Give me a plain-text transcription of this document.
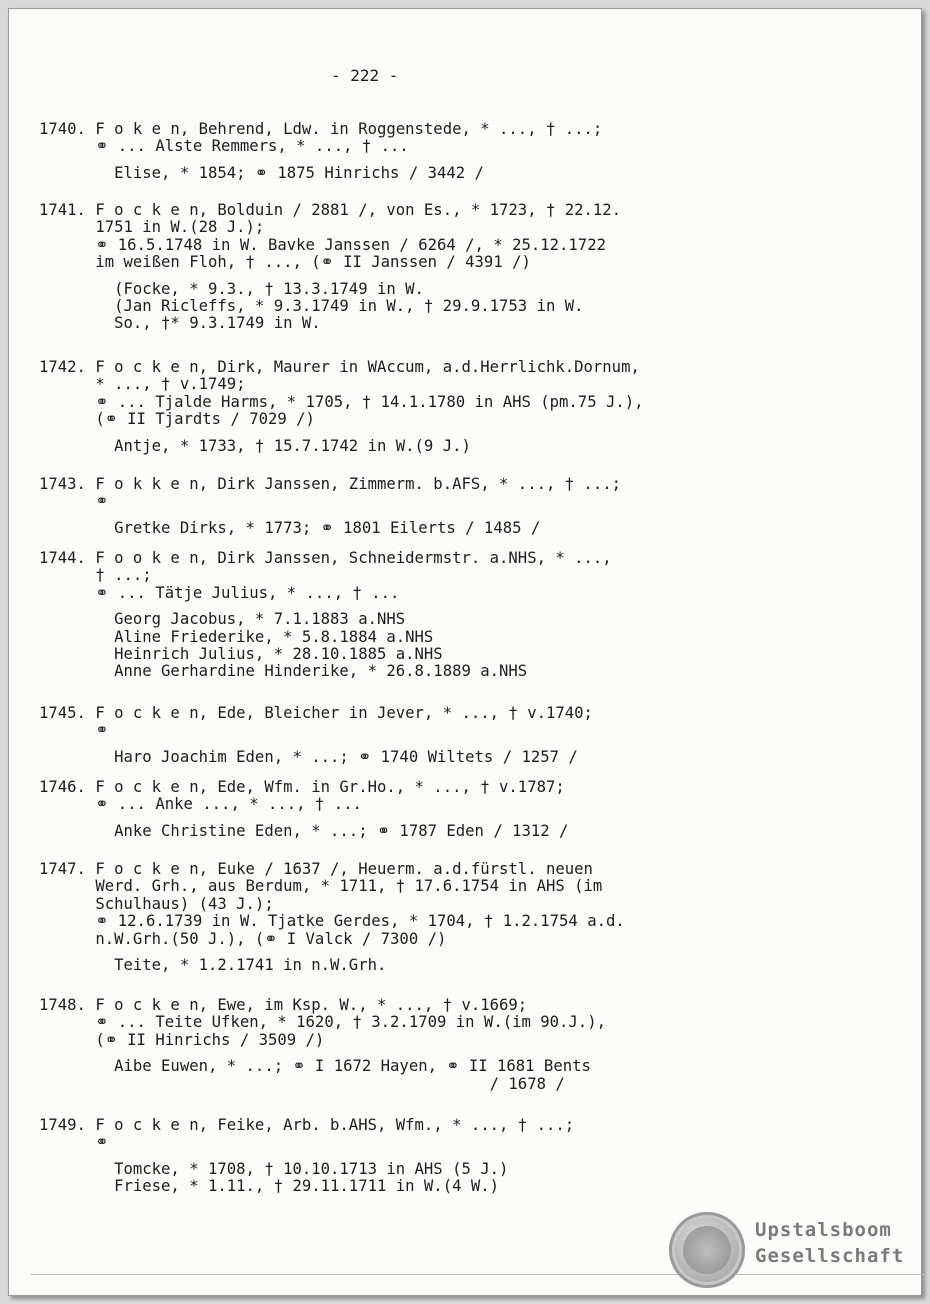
- 222 -
1740. F o k e n, Behrend, Ldw. in Roggenstede, * ..., † ...;
⚭ ... Alste Remmers, * ..., † ...
Elise, * 1854; ⚭ 1875 Hinrichs / 3442 /
1741. F o c k e n, Bolduin / 2881 /, von Es., * 1723, † 22.12.
1751 in W.(28 J.);
⚭ 16.5.1748 in W. Bavke Janssen / 6264 /, * 25.12.1722
im weißen Floh, † ..., (⚭ II Janssen / 4391 /)
(Focke, * 9.3., † 13.3.1749 in W.
(Jan Ricleffs, * 9.3.1749 in W., † 29.9.1753 in W.
So., †* 9.3.1749 in W.
1742. F o c k e n, Dirk, Maurer in WAccum, a.d.Herrlichk.Dornum,
* ..., † v.1749;
⚭ ... Tjalde Harms, * 1705, † 14.1.1780 in AHS (pm.75 J.),
(⚭ II Tjardts / 7029 /)
Antje, * 1733, † 15.7.1742 in W.(9 J.)
1743. F o k k e n, Dirk Janssen, Zimmerm. b.AFS, * ..., † ...;
⚭
Gretke Dirks, * 1773; ⚭ 1801 Eilerts / 1485 /
1744. F o o k e n, Dirk Janssen, Schneidermstr. a.NHS, * ...,
† ...;
⚭ ... Tätje Julius, * ..., † ...
Georg Jacobus, * 7.1.1883 a.NHS
Aline Friederike, * 5.8.1884 a.NHS
Heinrich Julius, * 28.10.1885 a.NHS
Anne Gerhardine Hinderike, * 26.8.1889 a.NHS
1745. F o c k e n, Ede, Bleicher in Jever, * ..., † v.1740;
⚭
Haro Joachim Eden, * ...; ⚭ 1740 Wiltets / 1257 /
1746. F o c k e n, Ede, Wfm. in Gr.Ho., * ..., † v.1787;
⚭ ... Anke ..., * ..., † ...
Anke Christine Eden, * ...; ⚭ 1787 Eden / 1312 /
1747. F o c k e n, Euke / 1637 /, Heuerm. a.d.fürstl. neuen
Werd. Grh., aus Berdum, * 1711, † 17.6.1754 in AHS (im
Schulhaus) (43 J.);
⚭ 12.6.1739 in W. Tjatke Gerdes, * 1704, † 1.2.1754 a.d.
n.W.Grh.(50 J.), (⚭ I Valck / 7300 /)
Teite, * 1.2.1741 in n.W.Grh.
1748. F o c k e n, Ewe, im Ksp. W., * ..., † v.1669;
⚭ ... Teite Ufken, * 1620, † 3.2.1709 in W.(im 90.J.),
(⚭ II Hinrichs / 3509 /)
Aibe Euwen, * ...; ⚭ I 1672 Hayen, ⚭ II 1681 Bents
/ 1678 /
1749. F o c k e n, Feike, Arb. b.AHS, Wfm., * ..., † ...;
⚭
Tomcke, * 1708, † 10.10.1713 in AHS (5 J.)
Friese, * 1.11., † 29.11.1711 in W.(4 W.)
Upstalsboom
Gesellschaft
